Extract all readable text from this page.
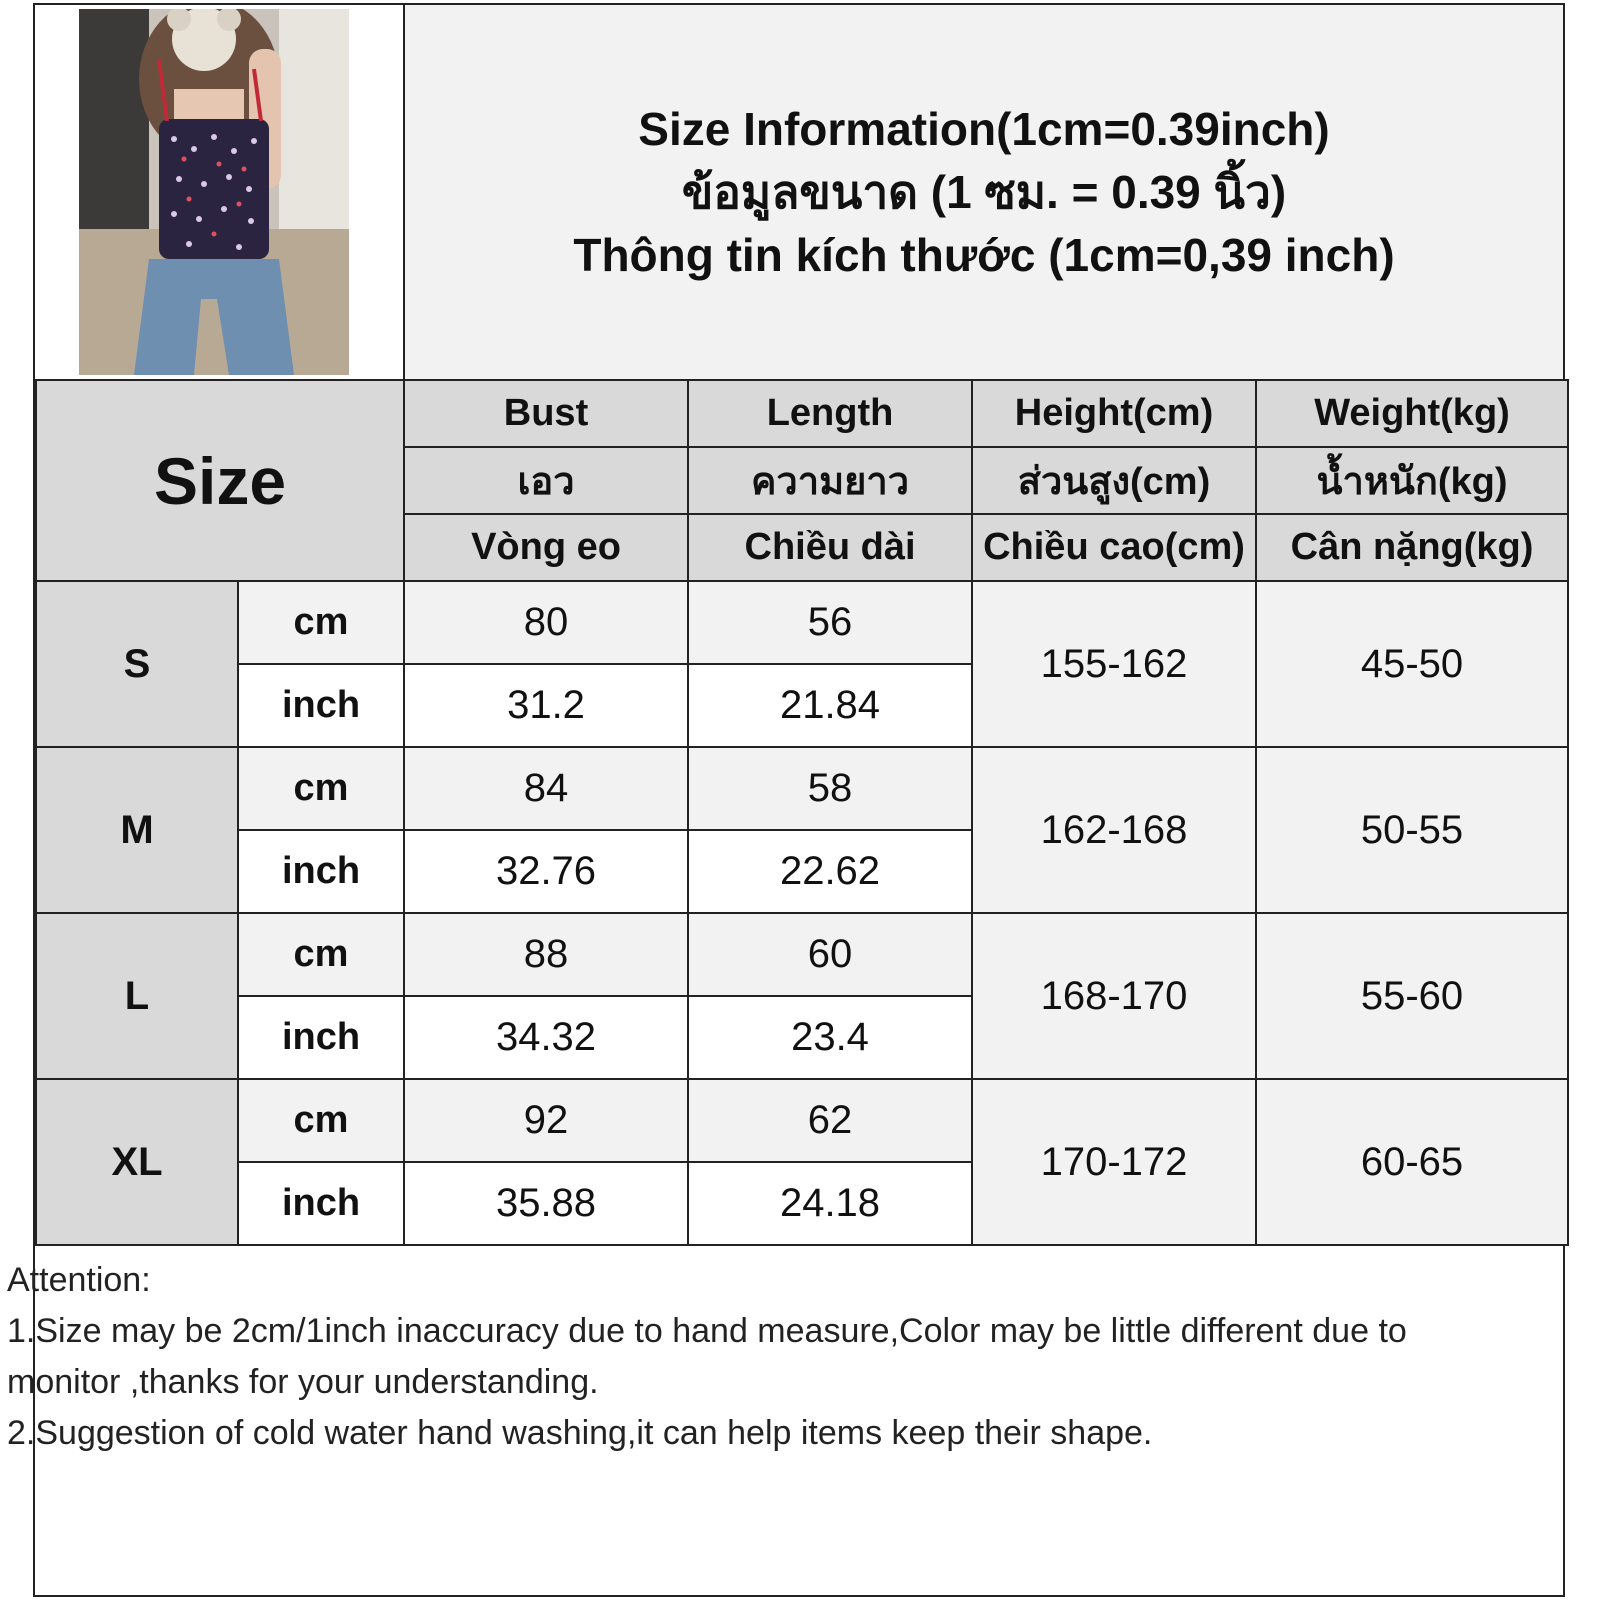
Size Information(1cm=0.39inch)
ข้อมูลขนาด (1 ซม. = 0.39 นิ้ว)
Thông tin kích thước (1cm=0,39 inch)
Size		Bust	Length	Height(cm)	Weight(kg)
		เอว	ความยาว	ส่วนสูง(cm)	น้ำหนัก(kg)
		Vòng eo	Chiều dài	Chiều cao(cm)	Cân nặng(kg)
S	cm	80	56	155-162	45-50
	inch	31.2	21.84		
M	cm	84	58	162-168	50-55
	inch	32.76	22.62		
L	cm	88	60	168-170	55-60
	inch	34.32	23.4		
XL	cm	92	62	170-172	60-65
	inch	35.88	24.18		
Attention:
1.Size may be 2cm/1inch inaccuracy due to hand measure,Color may be little different due to monitor ,thanks for your understanding.
2.Suggestion of cold water hand washing,it can help items keep their shape.
